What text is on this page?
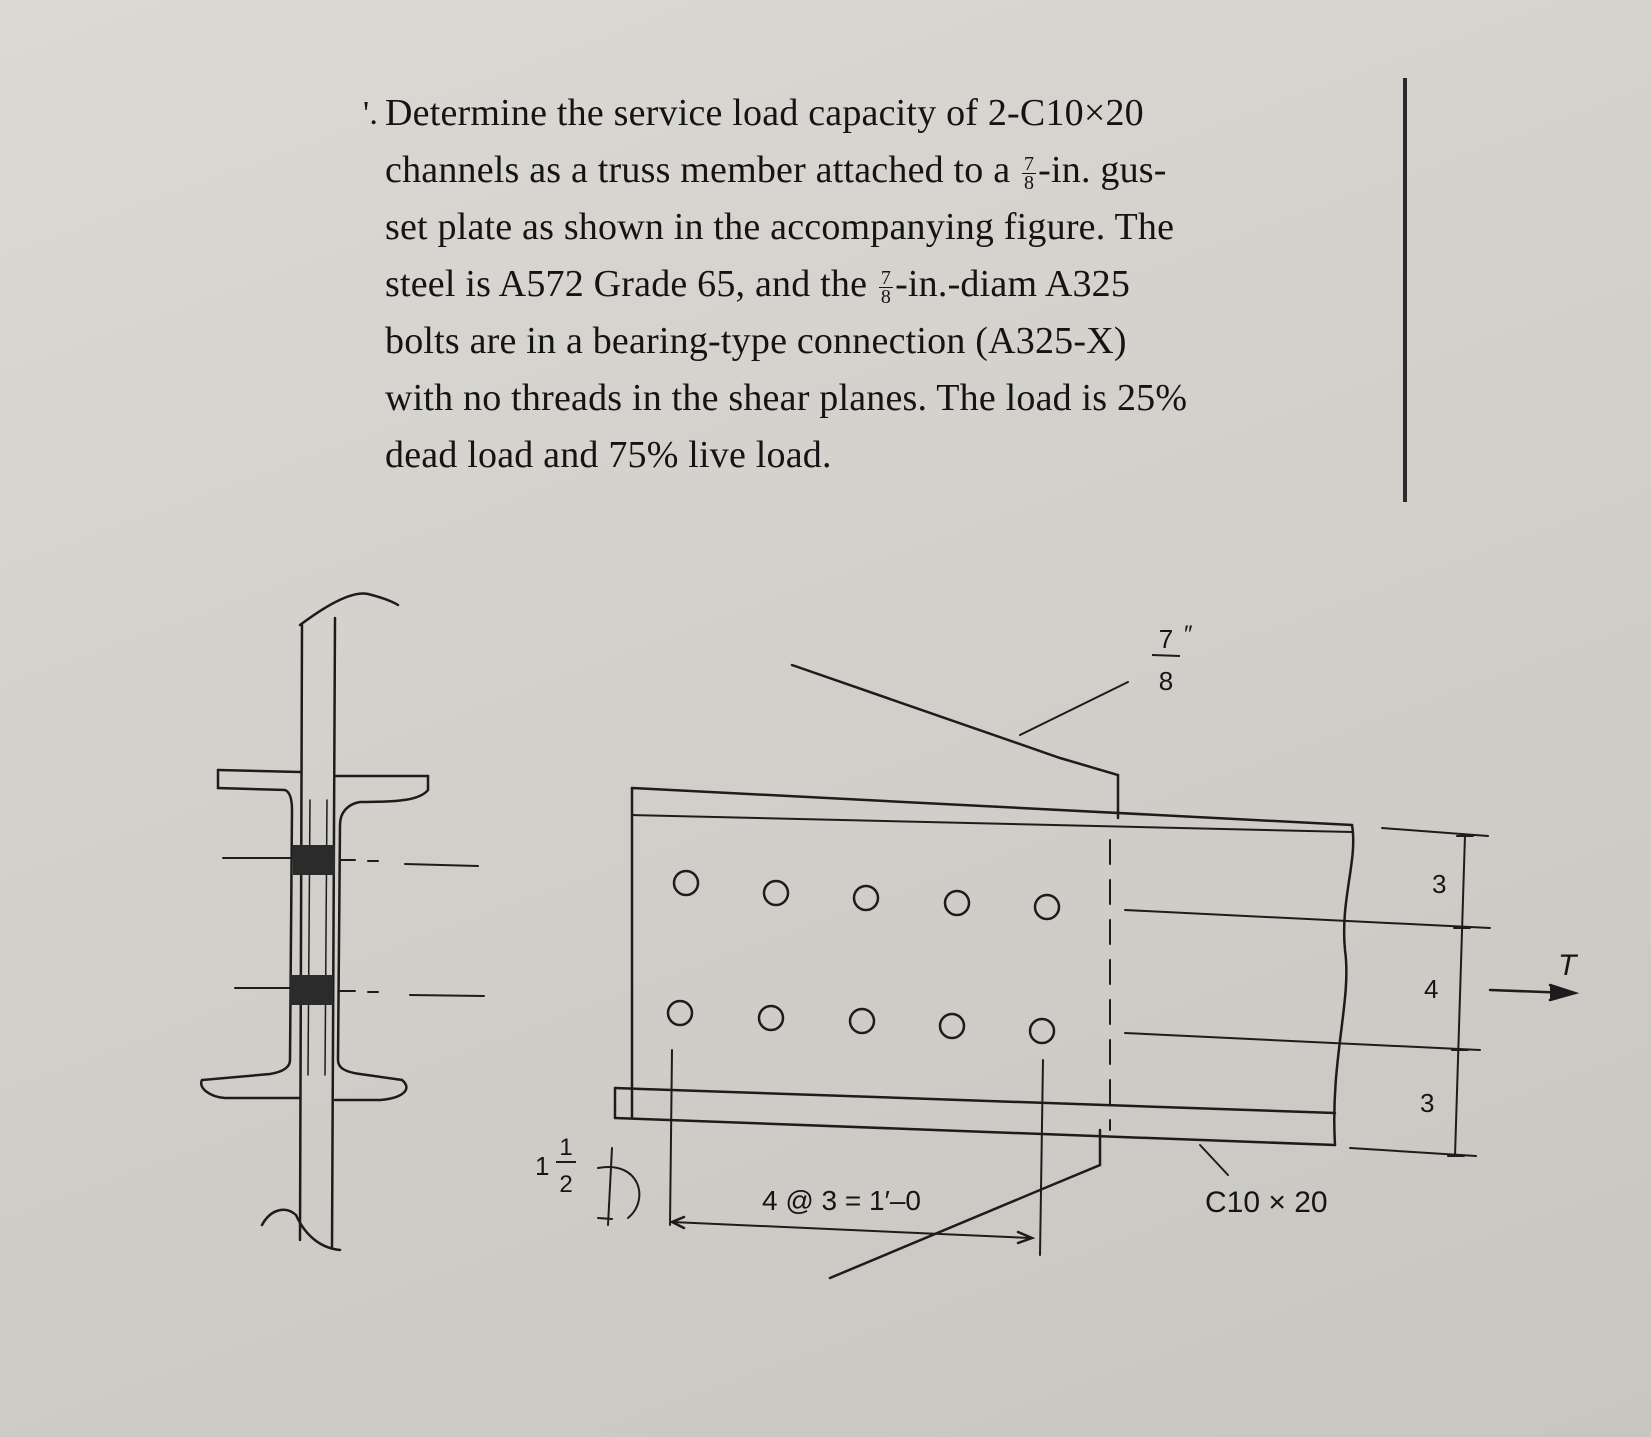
'. Determine the service load capacity of 2-C10×20
channels as a truss member attached to a $\frac{7}{8} -in$. gus-
set plate as shown in the accompanying figure. The
steel is A572 Grade 65, and the $\frac{7}{8}$ -in.-diam A325
bolts are in a bearing-type connection (A325-X)
with no threads in the shear planes. The load is 25%
dead load and 75% live load.
7
8
″
1
1
2
4 @ 3 = 1′–0	C10 × 20
3
4
3
T
